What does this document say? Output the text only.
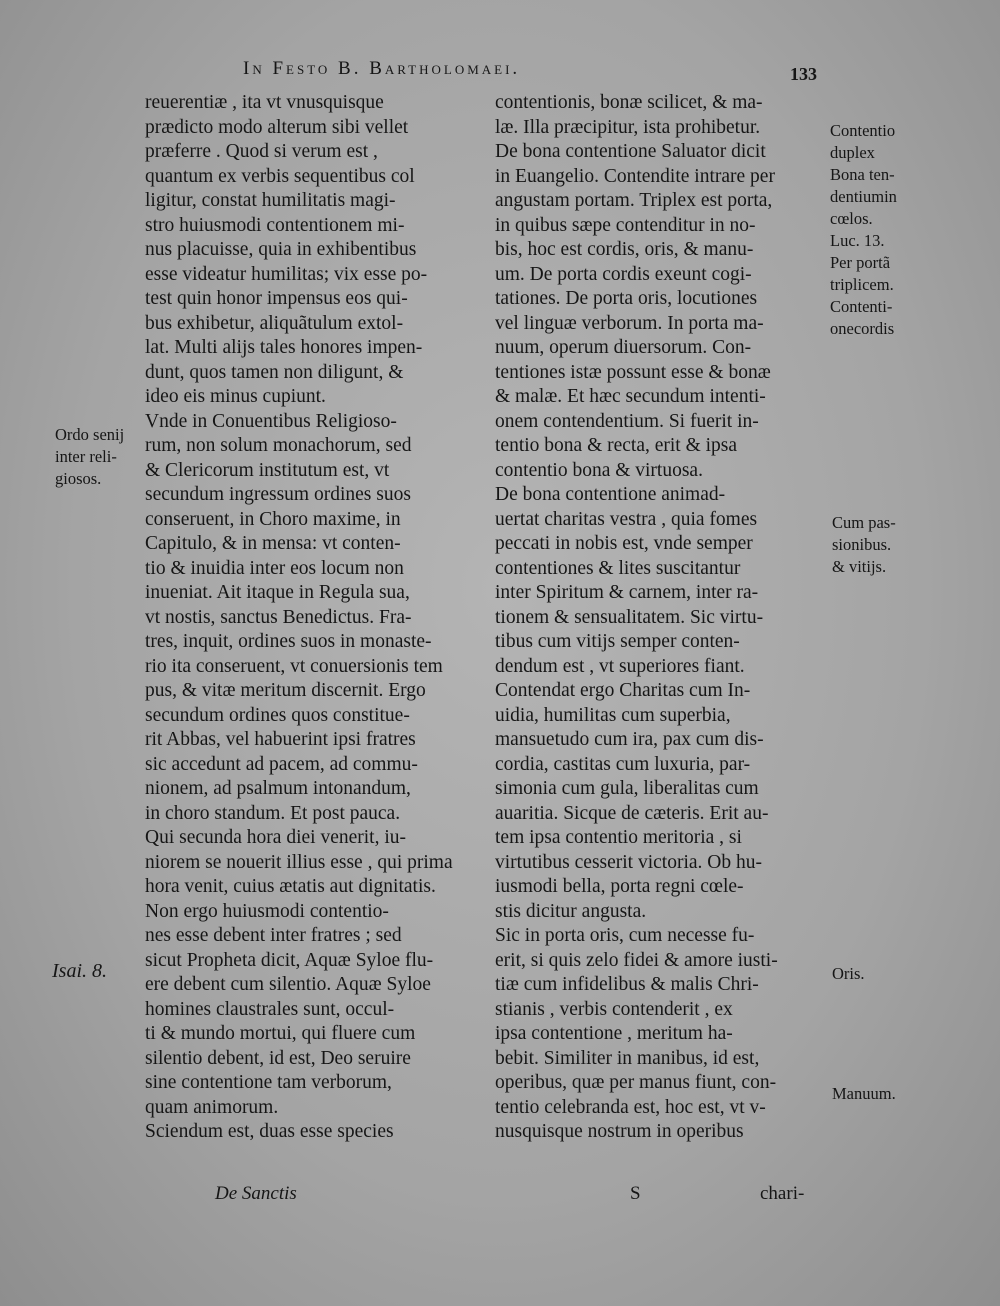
In Festo B. Bartholomaei.	133
reuerentiæ , ita vt vnusquisque
prædicto modo alterum sibi vellet
præferre . Quod si verum est ,
quantum ex verbis sequentibus col
ligitur, constat humilitatis magi-
stro huiusmodi contentionem mi-
nus placuisse, quia in exhibentibus
esse videatur humilitas; vix esse po-
test quin honor impensus eos qui-
bus exhibetur, aliquãtulum extol-
lat. Multi alijs tales honores impen-
dunt, quos tamen non diligunt, &
ideo eis minus cupiunt.
Vnde in Conuentibus Religioso-
rum, non solum monachorum, sed
& Clericorum institutum est, vt
secundum ingressum ordines suos
conseruent, in Choro maxime, in
Capitulo, & in mensa: vt conten-
tio & inuidia inter eos locum non
inueniat. Ait itaque in Regula sua,
vt nostis, sanctus Benedictus. Fra-
tres, inquit, ordines suos in monaste-
rio ita conseruent, vt conuersionis tem
pus, & vitæ meritum discernit. Ergo
secundum ordines quos constitue-
rit Abbas, vel habuerint ipsi fratres
sic accedunt ad pacem, ad commu-
nionem, ad psalmum intonandum,
in choro standum. Et post pauca.
Qui secunda hora diei venerit, iu-
niorem se nouerit illius esse , qui prima
hora venit, cuius ætatis aut dignitatis.
Non ergo huiusmodi contentio-
nes esse debent inter fratres ; sed
sicut Propheta dicit, Aquæ Syloe flu-
ere debent cum silentio. Aquæ Syloe
homines claustrales sunt, occul-
ti & mundo mortui, qui fluere cum
silentio debent, id est, Deo seruire
sine contentione tam verborum,
quam animorum.
Sciendum est, duas esse species
contentionis, bonæ scilicet, & ma-
læ. Illa præcipitur, ista prohibetur.
De bona contentione Saluator dicit
in Euangelio. Contendite intrare per
angustam portam. Triplex est porta,
in quibus sæpe contenditur in no-
bis, hoc est cordis, oris, & manu-
um. De porta cordis exeunt cogi-
tationes. De porta oris, locutiones
vel linguæ verborum. In porta ma-
nuum, operum diuersorum. Con-
tentiones istæ possunt esse & bonæ
& malæ. Et hæc secundum intenti-
onem contendentium. Si fuerit in-
tentio bona & recta, erit & ipsa
contentio bona & virtuosa.
De bona contentione animad-
uertat charitas vestra , quia fomes
peccati in nobis est, vnde semper
contentiones & lites suscitantur
inter Spiritum & carnem, inter ra-
tionem & sensualitatem. Sic virtu-
tibus cum vitijs semper conten-
dendum est , vt superiores fiant.
Contendat ergo Charitas cum In-
uidia, humilitas cum superbia,
mansuetudo cum ira, pax cum dis-
cordia, castitas cum luxuria, par-
simonia cum gula, liberalitas cum
auaritia. Sicque de cæteris. Erit au-
tem ipsa contentio meritoria , si
virtutibus cesserit victoria. Ob hu-
iusmodi bella, porta regni cœle-
stis dicitur angusta.
Sic in porta oris, cum necesse fu-
erit, si quis zelo fidei & amore iusti-
tiæ cum infidelibus & malis Chri-
stianis , verbis contenderit , ex
ipsa contentione , meritum ha-
bebit. Similiter in manibus, id est,
operibus, quæ per manus fiunt, con-
tentio celebranda est, hoc est, vt v-
nusquisque nostrum in operibus
Ordo senij
inter reli-
giosos.
Isai. 8.
Contentio
duplex
Bona ten-
dentiumin
cœlos.
Luc. 13.
Per portã
triplicem.
Contenti-
onecordis
Cum pas-
sionibus.
& vitijs.
Oris.
Manuum.
De Sanctis	S	chari-
